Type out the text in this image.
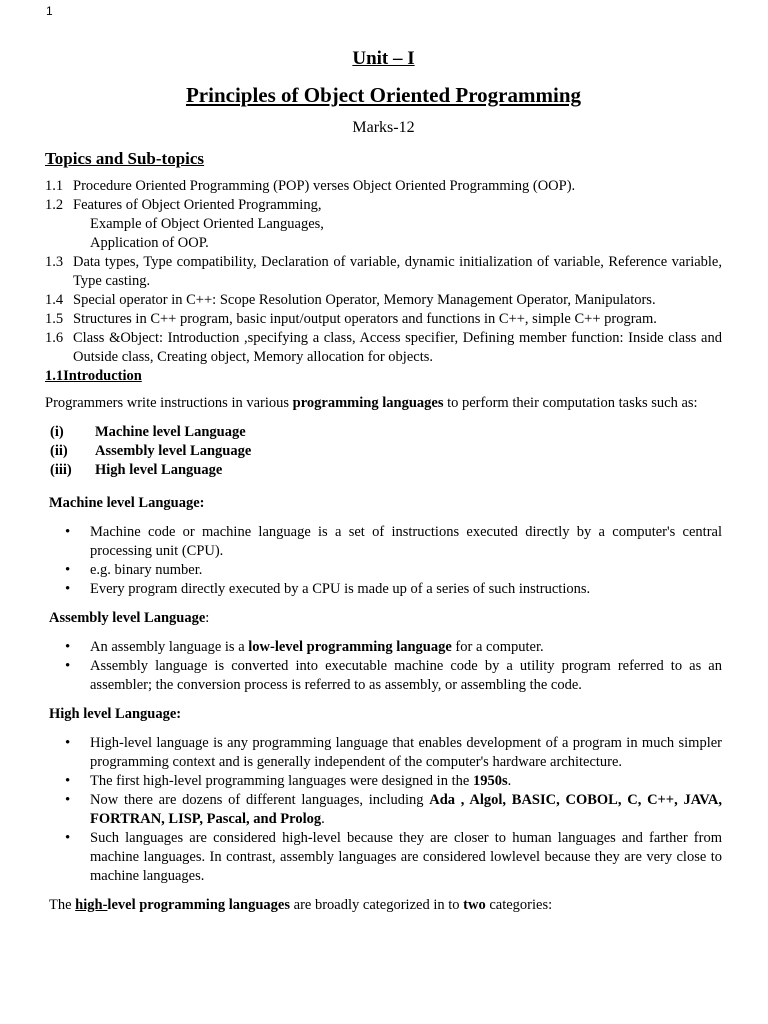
1
Unit – I
Principles of Object Oriented Programming
Marks-12
Topics and Sub-topics
1.1 Procedure Oriented Programming (POP) verses Object Oriented Programming (OOP).
1.2 Features of Object Oriented Programming,
Example of Object Oriented Languages,
Application of OOP.
1.3 Data types, Type compatibility, Declaration of variable, dynamic initialization of variable, Reference variable, Type casting.
1.4 Special operator in C++: Scope Resolution Operator, Memory Management Operator, Manipulators.
1.5 Structures in C++ program, basic input/output operators and functions in C++, simple C++ program.
1.6 Class &Object: Introduction ,specifying a class, Access specifier, Defining member function: Inside class and Outside class, Creating object, Memory allocation for objects.
1.1Introduction

Programmers write instructions in various programming languages to perform their computation tasks such as:

(i)	Machine level Language
(ii)	Assembly level Language
(iii)	High level Language
Machine level Language:
• Machine code or machine language is a set of instructions executed directly by a computer's central processing unit (CPU).
• e.g. binary number.
• Every program directly executed by a CPU is made up of a series of such instructions.
Assembly level Language:
• An assembly language is a low-level programming language for a computer.
• Assembly language is converted into executable machine code by a utility program referred to as an assembler; the conversion process is referred to as assembly, or assembling the code.
High level Language:
• High-level language is any programming language that enables development of a program in much simpler programming context and is generally independent of the computer's hardware architecture.
• The first high-level programming languages were designed in the 1950s.
• Now there are dozens of different languages, including Ada , Algol, BASIC, COBOL, C, C++, JAVA, FORTRAN, LISP, Pascal, and Prolog.
• Such languages are considered high-level because they are closer to human languages and farther from machine languages. In contrast, assembly languages are considered lowlevel because they are very close to machine languages.

The high-level programming languages are broadly categorized in to two categories:
